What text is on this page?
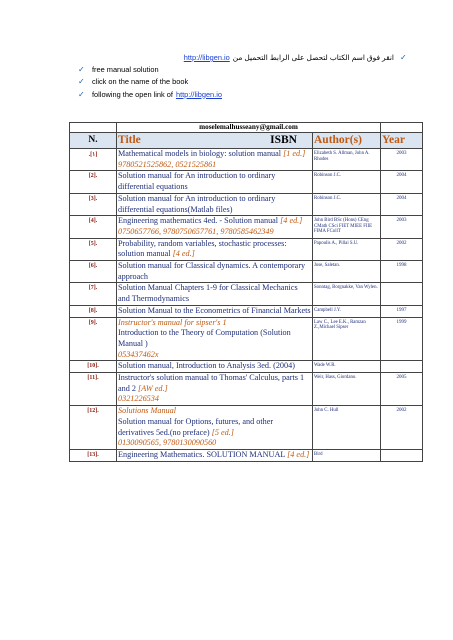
http://libgen.io انقر فوق اسم الكتاب لتحصل على الرابط التحميل من ✓
✓ free manual solution
✓ click on the name of the book
✓ following the open link of http://libgen.io
	moselemalhusseany@gmail.com		
N.	Title ISBN	Author(s)	Year
.[١]	Mathematical models in biology: solution manual [1 ed.]
9780521525862, 0521525861	Elizabeth S. Allman, John A. Rhodes	2003
[2].	Solution manual for An introduction to ordinary differential equations	Robinson J.C.	2004
[3].	Solution manual for An introduction to ordinary differential equations(Matlab files)	Robinson J.C.	2004
[4].	Engineering mathematics 4ed. - Solution manual [4 ed.]
0750657766, 9780750657761, 9780585462349	John Bird BSc (Hons) CEng CMath CSci FIET MIEE FIIE FIMA FCollT	2003
[5].	Probability, random variables, stochastic processes: solution manual [4 ed.]	Papoulis A., Pillai S.U.	2002
[6].	Solution manual for Classical dynamics. A contemporary approach	Jose, Saletan.	1998
[7].	Solution Manual Chapters 1-9 for Classical Mechanics and Thermodynamics	Sonntag, Borgnakke, Van Wylen.	
[8].	Solution Manual to the Econometrics of Financial Markets	Campbell J.Y.	1997
[9].	Instructor's manual for sipser's 1
Introduction to the Theory of Computation (Solution Manual )
053437462x	Law C., Lee E.K., Ramzan Z.,Michael Sipser	1999
[10].	Solution manual, Introduction to Analysis 3ed. (2004)	Wade W.R.	
[11].	Instructor's solution manual to Thomas' Calculus, parts 1 and 2 [AW ed.]
0321226534	Weir, Hass, Giordano.	2005
[12].	Solutions Manual
Solution manual for Options, futures, and other derivatives 5ed.(no preface) [5 ed.]
0130090565, 9780130090560	John C. Hull	2002
[13].	Engineering Mathematics. SOLUTION MANUAL [4 ed.]	Bird	
